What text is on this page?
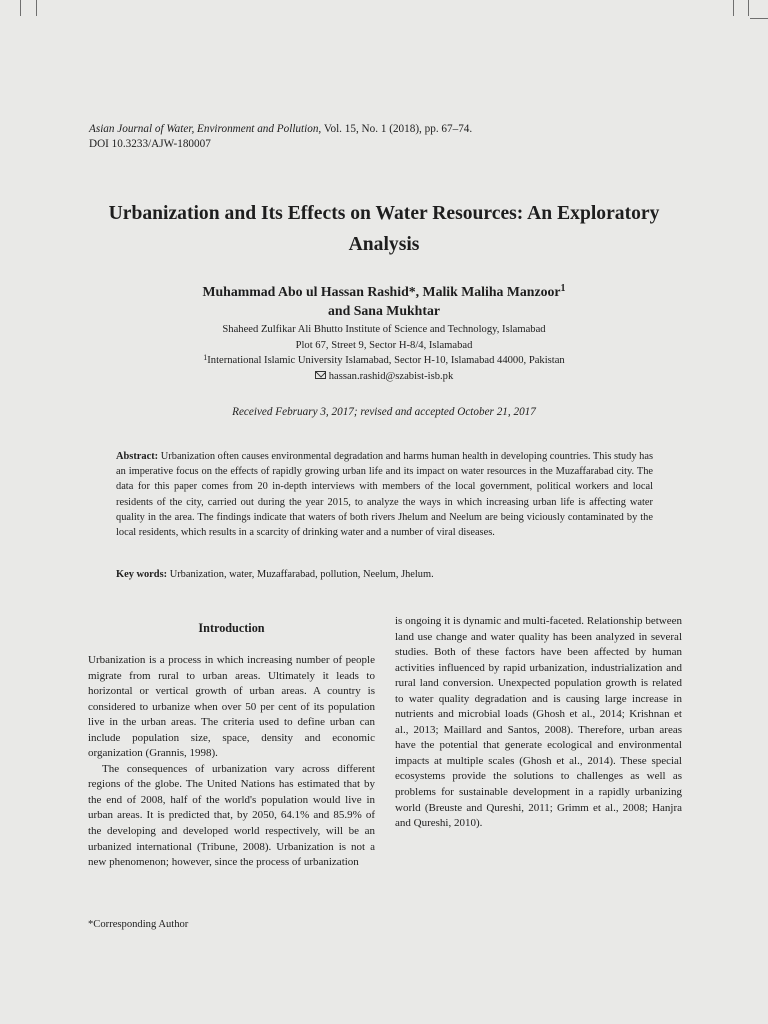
Asian Journal of Water, Environment and Pollution, Vol. 15, No. 1 (2018), pp. 67–74.
DOI 10.3233/AJW-180007
Urbanization and Its Effects on Water Resources: An Exploratory Analysis
Muhammad Abo ul Hassan Rashid*, Malik Maliha Manzoor$^1$
and Sana Mukhtar
Shaheed Zulfikar Ali Bhutto Institute of Science and Technology, Islamabad
Plot 67, Street 9, Sector H-8/4, Islamabad
$^1$International Islamic University Islamabad, Sector H-10, Islamabad 44000, Pakistan
hassan.rashid@szabist-isb.pk
Received February 3, 2017; revised and accepted October 21, 2017
Abstract: Urbanization often causes environmental degradation and harms human health in developing countries. This study has an imperative focus on the effects of rapidly growing urban life and its impact on water resources in the Muzaffarabad city. The data for this paper comes from 20 in-depth interviews with members of the local government, political workers and local residents of the city, carried out during the year 2015, to analyze the ways in which increasing urban life is affecting water quality in the area. The findings indicate that waters of both rivers Jhelum and Neelum are being viciously contaminated by the local residents, which results in a scarcity of drinking water and a number of viral diseases.
Key words: Urbanization, water, Muzaffarabad, pollution, Neelum, Jhelum.
Introduction

Urbanization is a process in which increasing number of people migrate from rural to urban areas. Ultimately it leads to horizontal or vertical growth of urban areas. A country is considered to urbanize when over 50 per cent of its population live in the urban areas. The criteria used to define urban can include population size, space, density and economic organization (Grannis, 1998).

The consequences of urbanization vary across different regions of the globe. The United Nations has estimated that by the end of 2008, half of the world's population would live in urban areas. It is predicted that, by 2050, 64.1% and 85.9% of the developing and developed world respectively, will be an urbanized international (Tribune, 2008). Urbanization is not a new phenomenon; however, since the process of urbanization

is ongoing it is dynamic and multi-faceted. Relationship between land use change and water quality has been analyzed in several studies. Both of these factors have been affected by human activities influenced by rapid urbanization, industrialization and rural land conversion. Unexpected population growth is related to water quality degradation and is causing large increase in nutrients and microbial loads (Ghosh et al., 2014; Krishnan et al., 2013; Maillard and Santos, 2008). Therefore, urban areas have the potential that generate ecological and environmental impacts at multiple scales (Ghosh et al., 2014). These special ecosystems provide the solutions to challenges as well as problems for sustainable development in a rapidly urbanizing world (Breuste and Qureshi, 2011; Grimm et al., 2008; Hanjra and Qureshi, 2010).

*Corresponding Author
